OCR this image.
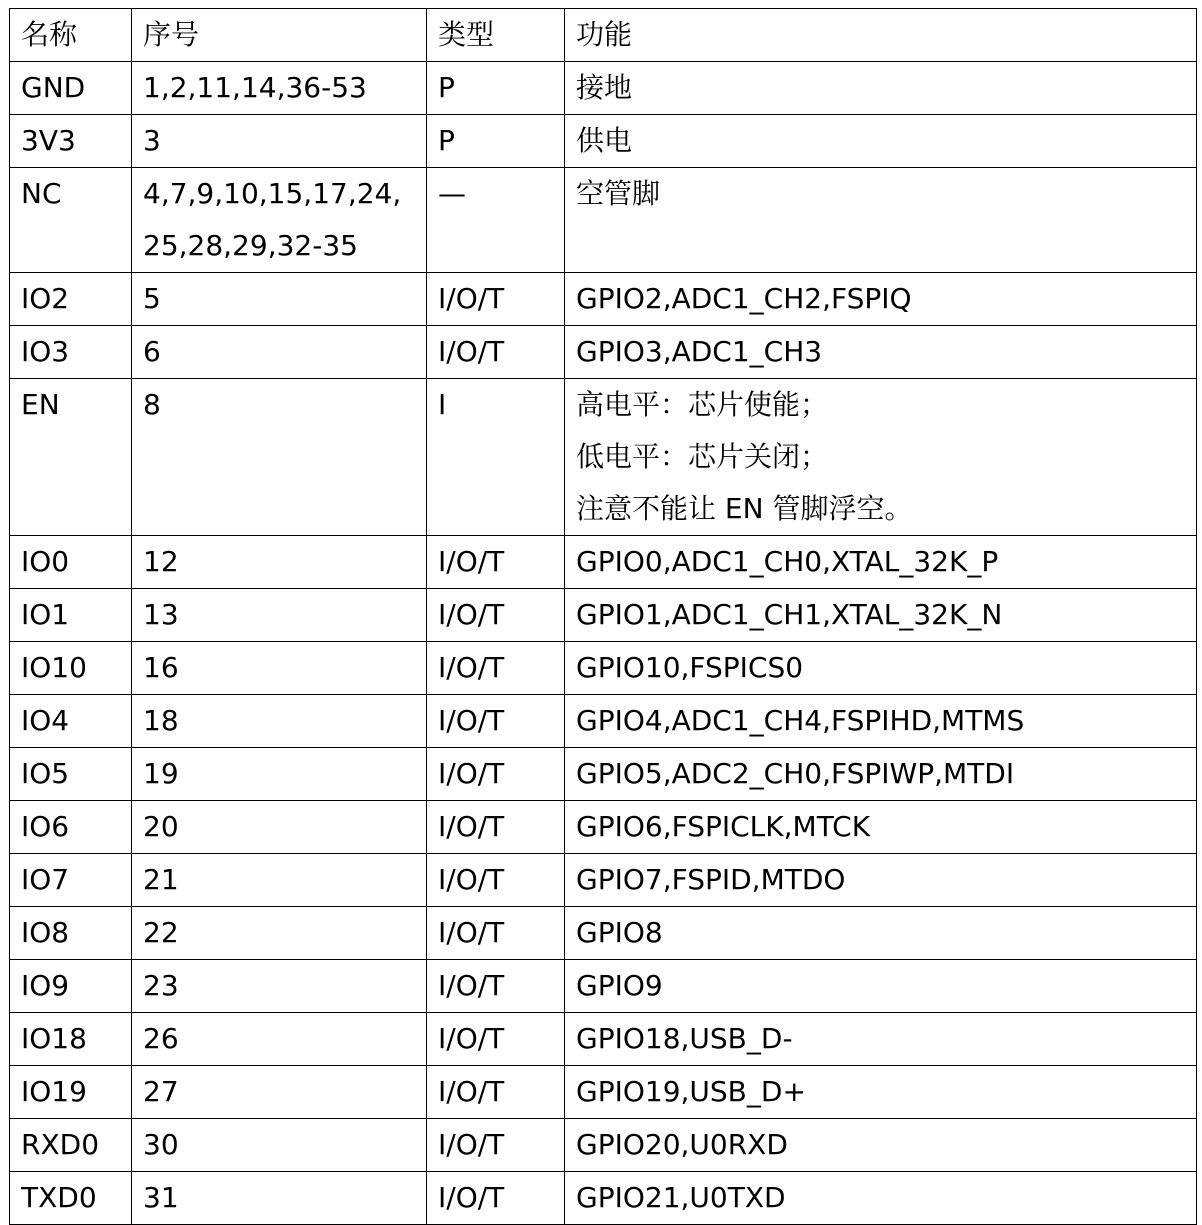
名称	序号	类型	功能
GND	1,2,11,14,36-53	P	接地

3V3	3	P	供电

NC	4,7,9,10,15,17,24,
25,28,29,32-35	—	空管脚

IO2	5	I/O/T	GPIO2,ADC1_CH2,FSPIQ

IO3	6	I/O/T	GPIO3,ADC1_CH3

EN	8	I	高电平：芯片使能；
低电平：芯片关闭；
注意不能让 EN 管脚浮空。

IO0	12	I/O/T	GPIO0,ADC1_CH0,XTAL_32K_P

IO1	13	I/O/T	GPIO1,ADC1_CH1,XTAL_32K_N

IO10	16	I/O/T	GPIO10,FSPICS0

IO4	18	I/O/T	GPIO4,ADC1_CH4,FSPIHD,MTMS

IO5	19	I/O/T	GPIO5,ADC2_CH0,FSPIWP,MTDI

IO6	20	I/O/T	GPIO6,FSPICLK,MTCK

IO7	21	I/O/T	GPIO7,FSPID,MTDO

IO8	22	I/O/T	GPIO8

IO9	23	I/O/T	GPIO9

IO18	26	I/O/T	GPIO18,USB_D-

IO19	27	I/O/T	GPIO19,USB_D+

RXD0	30	I/O/T	GPIO20,U0RXD

TXD0	31	I/O/T	GPIO21,U0TXD
